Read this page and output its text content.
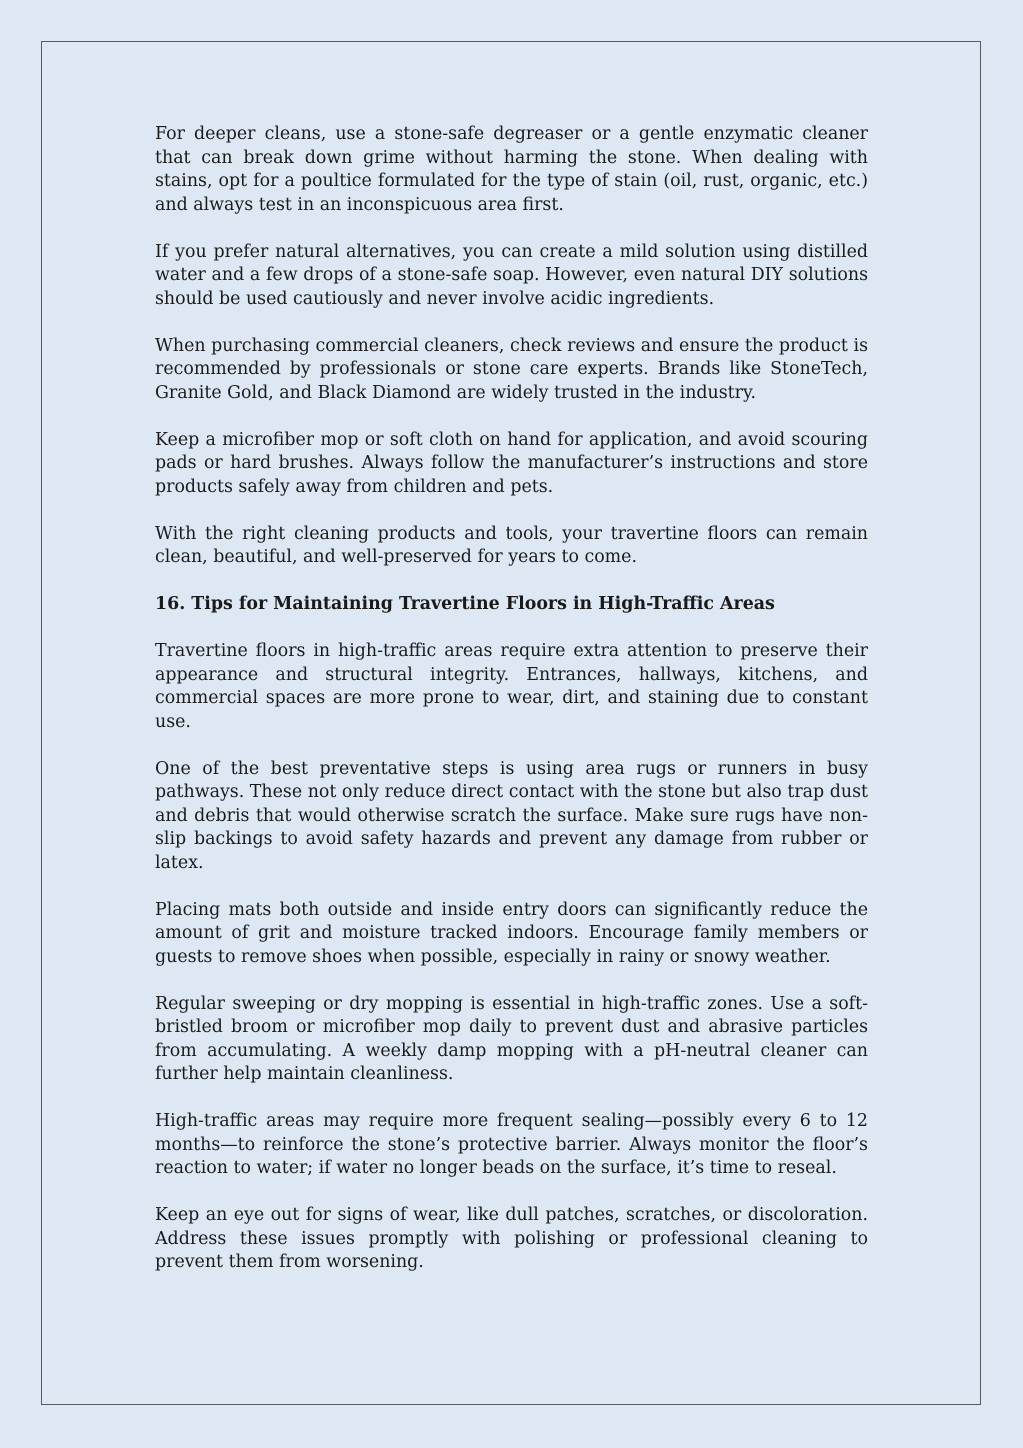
For deeper cleans, use a stone-safe degreaser or a gentle enzymatic cleaner that can break down grime without harming the stone. When dealing with stains, opt for a poultice formulated for the type of stain (oil, rust, organic, etc.) and always test in an inconspicuous area first.

If you prefer natural alternatives, you can create a mild solution using distilled water and a few drops of a stone-safe soap. However, even natural DIY solutions should be used cautiously and never involve acidic ingredients.

When purchasing commercial cleaners, check reviews and ensure the product is recommended by professionals or stone care experts. Brands like StoneTech, Granite Gold, and Black Diamond are widely trusted in the industry.

Keep a microfiber mop or soft cloth on hand for application, and avoid scouring pads or hard brushes. Always follow the manufacturer’s instructions and store products safely away from children and pets.

With the right cleaning products and tools, your travertine floors can remain clean, beautiful, and well-preserved for years to come.

16. Tips for Maintaining Travertine Floors in High-Traffic Areas

Travertine floors in high-traffic areas require extra attention to preserve their appearance and structural integrity. Entrances, hallways, kitchens, and commercial spaces are more prone to wear, dirt, and staining due to constant use.

One of the best preventative steps is using area rugs or runners in busy pathways. These not only reduce direct contact with the stone but also trap dust and debris that would otherwise scratch the surface. Make sure rugs have non-slip backings to avoid safety hazards and prevent any damage from rubber or latex.

Placing mats both outside and inside entry doors can significantly reduce the amount of grit and moisture tracked indoors. Encourage family members or guests to remove shoes when possible, especially in rainy or snowy weather.

Regular sweeping or dry mopping is essential in high-traffic zones. Use a soft-bristled broom or microfiber mop daily to prevent dust and abrasive particles from accumulating. A weekly damp mopping with a pH-neutral cleaner can further help maintain cleanliness.

High-traffic areas may require more frequent sealing—possibly every 6 to 12 months—to reinforce the stone’s protective barrier. Always monitor the floor’s reaction to water; if water no longer beads on the surface, it’s time to reseal.

Keep an eye out for signs of wear, like dull patches, scratches, or discoloration. Address these issues promptly with polishing or professional cleaning to prevent them from worsening.
